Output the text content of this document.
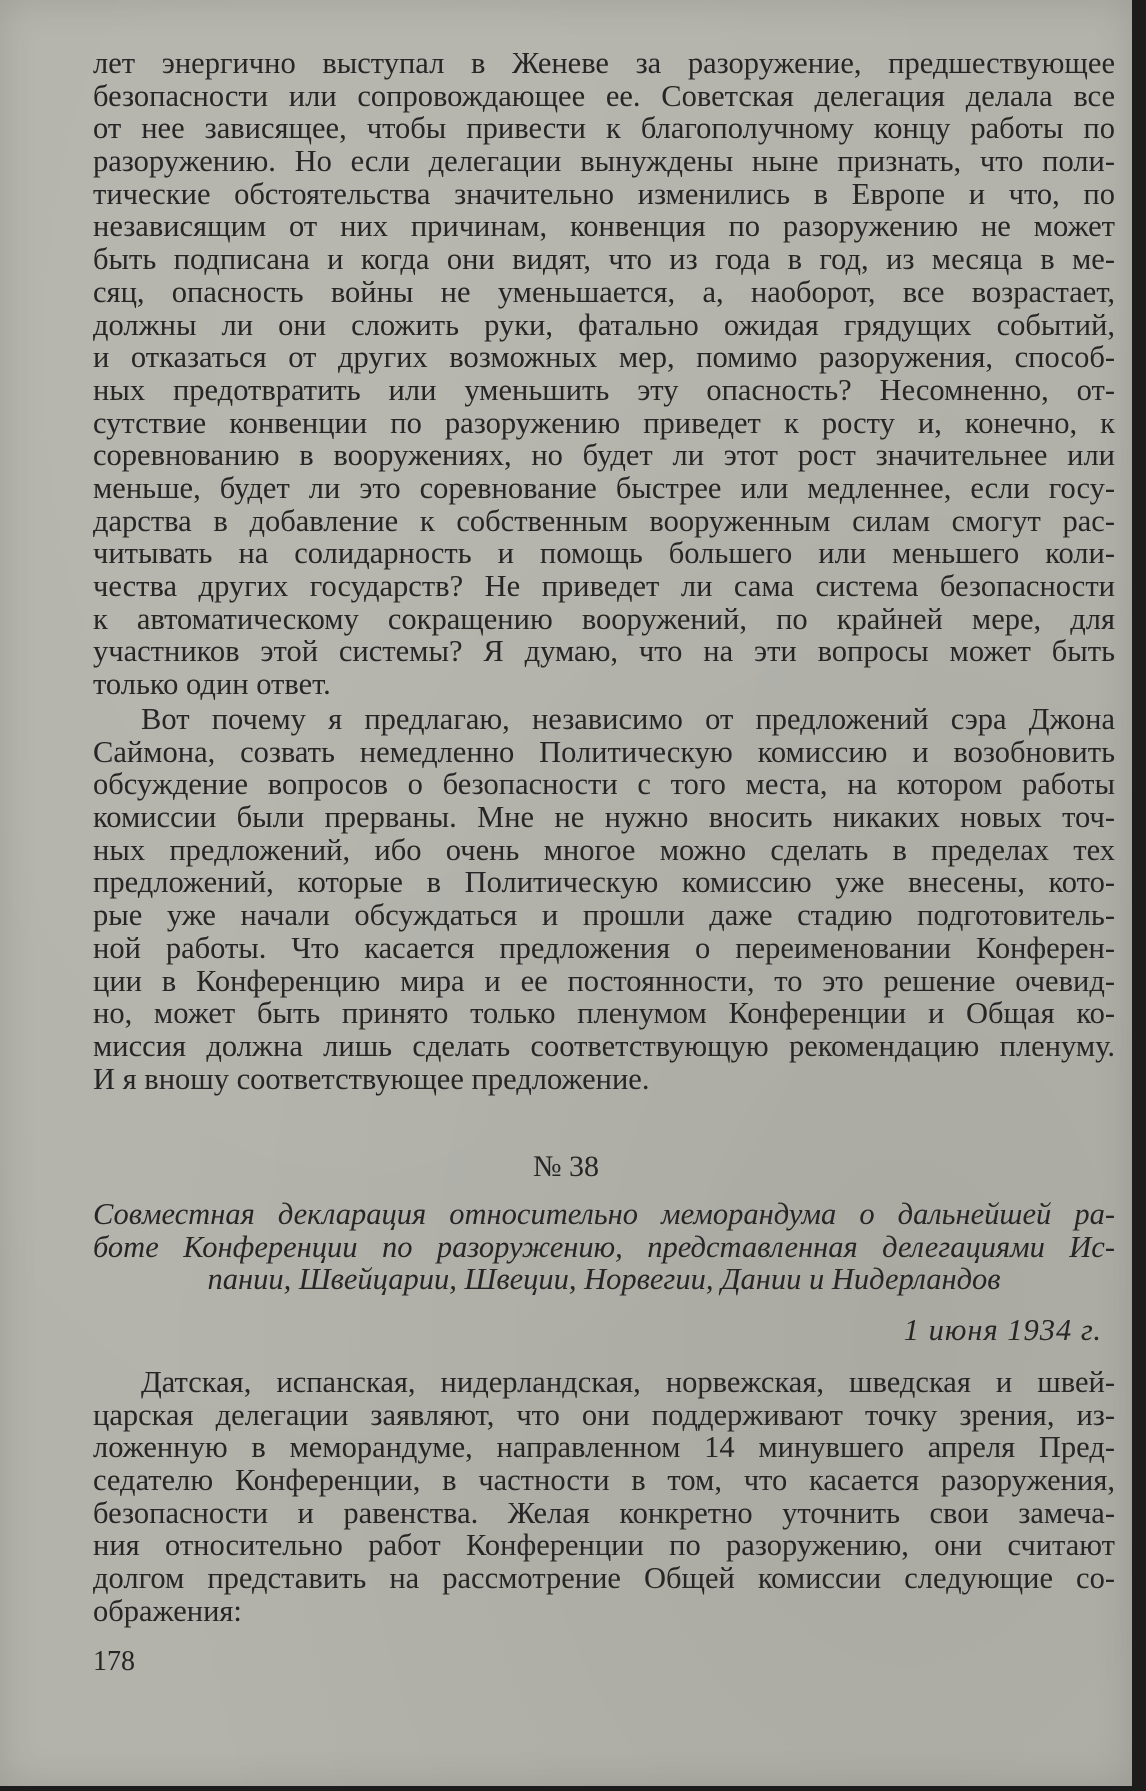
лет энергично выступал в Женеве за разоружение, предшествующее
безопасности или сопровождающее ее. Советская делегация делала все
от нее зависящее, чтобы привести к благополучному концу работы по
разоружению. Но если делегации вынуждены ныне признать, что поли-
тические обстоятельства значительно изменились в Европе и что, по
независящим от них причинам, конвенция по разоружению не может
быть подписана и когда они видят, что из года в год, из месяца в ме-
сяц, опасность войны не уменьшается, а, наоборот, все возрастает,
должны ли они сложить руки, фатально ожидая грядущих событий,
и отказаться от других возможных мер, помимо разоружения, способ-
ных предотвратить или уменьшить эту опасность? Несомненно, от-
сутствие конвенции по разоружению приведет к росту и, конечно, к
соревнованию в вооружениях, но будет ли этот рост значительнее или
меньше, будет ли это соревнование быстрее или медленнее, если госу-
дарства в добавление к собственным вооруженным силам смогут рас-
читывать на солидарность и помощь большего или меньшего коли-
чества других государств? Не приведет ли сама система безопасности
к автоматическому сокращению вооружений, по крайней мере, для
участников этой системы? Я думаю, что на эти вопросы может быть
только один ответ.
Вот почему я предлагаю, независимо от предложений сэра Джона
Саймона, созвать немедленно Политическую комиссию и возобновить
обсуждение вопросов о безопасности с того места, на котором работы
комиссии были прерваны. Мне не нужно вносить никаких новых точ-
ных предложений, ибо очень многое можно сделать в пределах тех
предложений, которые в Политическую комиссию уже внесены, кото-
рые уже начали обсуждаться и прошли даже стадию подготовитель-
ной работы. Что касается предложения о переименовании Конферен-
ции в Конференцию мира и ее постоянности, то это решение очевид-
но, может быть принято только пленумом Конференции и Общая ко-
миссия должна лишь сделать соответствующую рекомендацию пленуму.
И я вношу соответствующее предложение.
№ 38
Совместная декларация относительно меморандума о дальнейшей ра-
боте Конференции по разоружению, представленная делегациями Ис-
пании, Швейцарии, Швеции, Норвегии, Дании и Нидерландов
1 июня 1934 г.
Датская, испанская, нидерландская, норвежская, шведская и швей-
царская делегации заявляют, что они поддерживают точку зрения, из-
ложенную в меморандуме, направленном 14 минувшего апреля Пред-
седателю Конференции, в частности в том, что касается разоружения,
безопасности и равенства. Желая конкретно уточнить свои замеча-
ния относительно работ Конференции по разоружению, они считают
долгом представить на рассмотрение Общей комиссии следующие со-
ображения:
178
